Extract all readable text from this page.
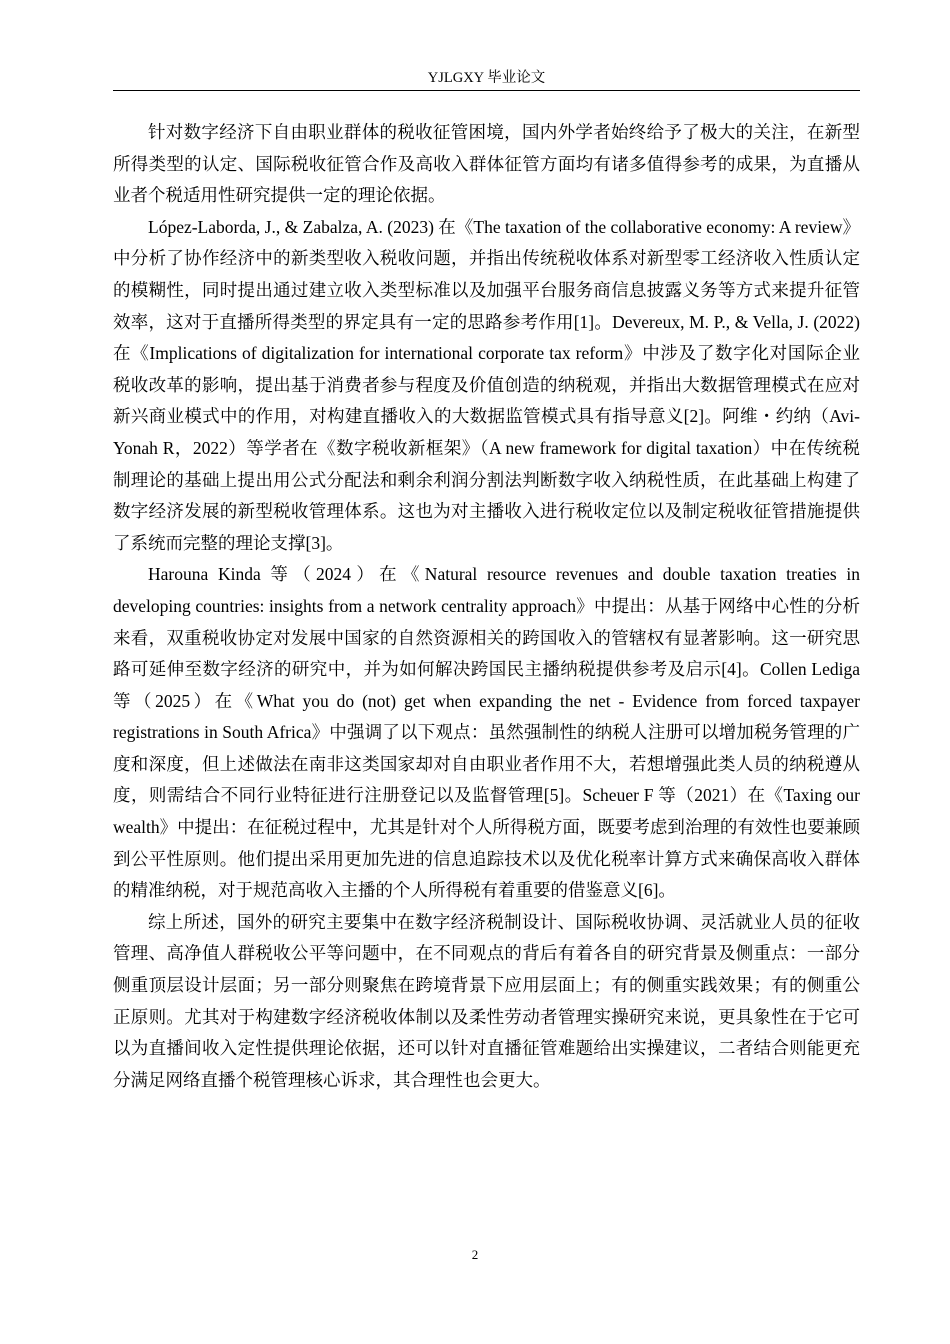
YJLGXY 毕业论文

针对数字经济下自由职业群体的税收征管困境，国内外学者始终给予了极大的关注，在新型所得类型的认定、国际税收征管合作及高收入群体征管方面均有诸多值得参考的成果，为直播从业者个税适用性研究提供一定的理论依据。

López-Laborda, J., & Zabalza, A. (2023) 在《The taxation of the collaborative economy: A review》中分析了协作经济中的新类型收入税收问题，并指出传统税收体系对新型零工经济收入性质认定的模糊性，同时提出通过建立收入类型标准以及加强平台服务商信息披露义务等方式来提升征管效率，这对于直播所得类型的界定具有一定的思路参考作用[1]。Devereux, M. P., & Vella, J. (2022) 在《Implications of digitalization for international corporate tax reform》中涉及了数字化对国际企业税收改革的影响，提出基于消费者参与程度及价值创造的纳税观，并指出大数据管理模式在应对新兴商业模式中的作用，对构建直播收入的大数据监管模式具有指导意义[2]。阿维・约纳（Avi-Yonah R，2022）等学者在《数字税收新框架》（A new framework for digital taxation）中在传统税制理论的基础上提出用公式分配法和剩余利润分割法判断数字收入纳税性质，在此基础上构建了数字经济发展的新型税收管理体系。这也为对主播收入进行税收定位以及制定税收征管措施提供了系统而完整的理论支撑[3]。

Harouna Kinda 等（2024）在《Natural resource revenues and double taxation treaties in developing countries: insights from a network centrality approach》中提出：从基于网络中心性的分析来看，双重税收协定对发展中国家的自然资源相关的跨国收入的管辖权有显著影响。这一研究思路可延伸至数字经济的研究中，并为如何解决跨国民主播纳税提供参考及启示[4]。Collen Lediga 等（2025）在《What you do (not) get when expanding the net - Evidence from forced taxpayer registrations in South Africa》中强调了以下观点：虽然强制性的纳税人注册可以增加税务管理的广度和深度，但上述做法在南非这类国家却对自由职业者作用不大，若想增强此类人员的纳税遵从度，则需结合不同行业特征进行注册登记以及监督管理[5]。Scheuer F 等（2021）在《Taxing our wealth》中提出：在征税过程中，尤其是针对个人所得税方面，既要考虑到治理的有效性也要兼顾到公平性原则。他们提出采用更加先进的信息追踪技术以及优化税率计算方式来确保高收入群体的精准纳税，对于规范高收入主播的个人所得税有着重要的借鉴意义[6]。

综上所述，国外的研究主要集中在数字经济税制设计、国际税收协调、灵活就业人员的征收管理、高净值人群税收公平等问题中，在不同观点的背后有着各自的研究背景及侧重点：一部分侧重顶层设计层面；另一部分则聚焦在跨境背景下应用层面上；有的侧重实践效果；有的侧重公正原则。尤其对于构建数字经济税收体制以及柔性劳动者管理实操研究来说，更具象性在于它可以为直播间收入定性提供理论依据，还可以针对直播征管难题给出实操建议，二者结合则能更充分满足网络直播个税管理核心诉求，其合理性也会更大。

2
